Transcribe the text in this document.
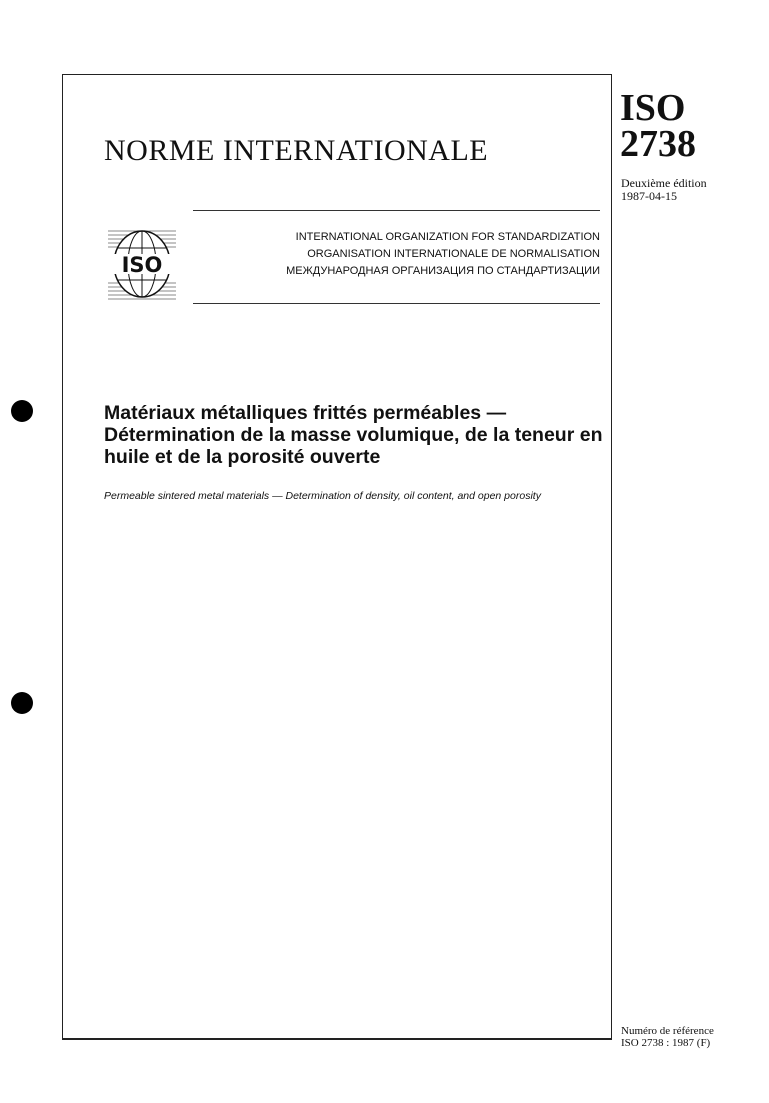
NORME INTERNATIONALE
ISO
2738
Deuxième édition
1987-04-15
ISO
INTERNATIONAL ORGANIZATION FOR STANDARDIZATION
ORGANISATION INTERNATIONALE DE NORMALISATION
МЕЖДУНАРОДНАЯ ОРГАНИЗАЦИЯ ПО СТАНДАРТИЗАЦИИ
Matériaux métalliques frittés perméables —
Détermination de la masse volumique, de la teneur en
huile et de la porosité ouverte
Permeable sintered metal materials — Determination of density, oil content, and open porosity
Numéro de référence
ISO 2738 : 1987 (F)
